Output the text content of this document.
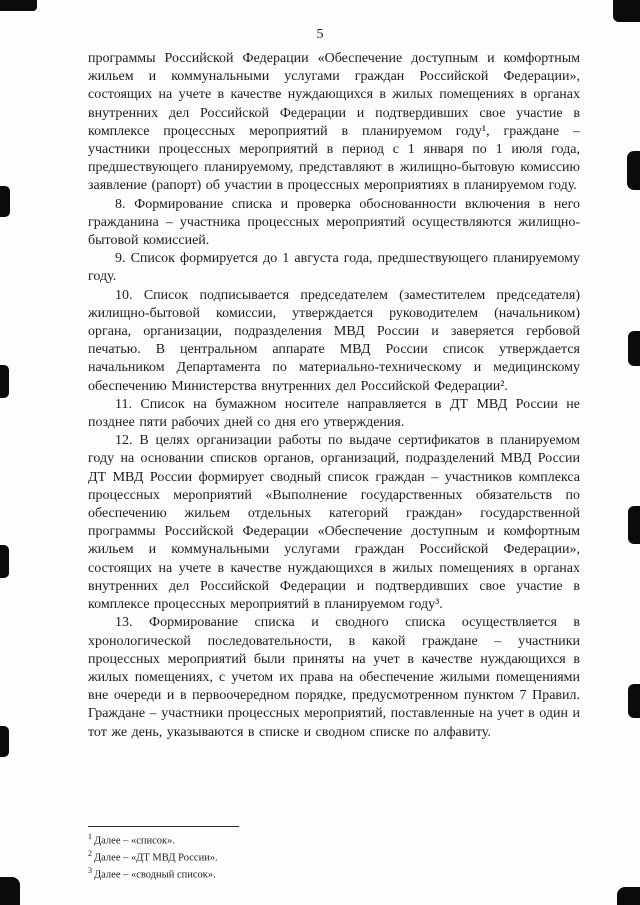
5

программы Российской Федерации «Обеспечение доступным и комфортным жильем и коммунальными услугами граждан Российской Федерации», состоящих на учете в качестве нуждающихся в жилых помещениях в органах внутренних дел Российской Федерации и подтвердивших свое участие в комплексе процессных мероприятий в планируемом году¹, граждане – участники процессных мероприятий в период с 1 января по 1 июля года, предшествующего планируемому, представляют в жилищно-бытовую комиссию заявление (рапорт) об участии в процессных мероприятиях в планируемом году.

8. Формирование списка и проверка обоснованности включения в него гражданина – участника процессных мероприятий осуществляются жилищно-бытовой комиссией.

9. Список формируется до 1 августа года, предшествующего планируемому году.

10. Список подписывается председателем (заместителем председателя) жилищно-бытовой комиссии, утверждается руководителем (начальником) органа, организации, подразделения МВД России и заверяется гербовой печатью. В центральном аппарате МВД России список утверждается начальником Департамента по материально-техническому и медицинскому обеспечению Министерства внутренних дел Российской Федерации².

11. Список на бумажном носителе направляется в ДТ МВД России не позднее пяти рабочих дней со дня его утверждения.

12. В целях организации работы по выдаче сертификатов в планируемом году на основании списков органов, организаций, подразделений МВД России ДТ МВД России формирует сводный список граждан – участников комплекса процессных мероприятий «Выполнение государственных обязательств по обеспечению жильем отдельных категорий граждан» государственной программы Российской Федерации «Обеспечение доступным и комфортным жильем и коммунальными услугами граждан Российской Федерации», состоящих на учете в качестве нуждающихся в жилых помещениях в органах внутренних дел Российской Федерации и подтвердивших свое участие в комплексе процессных мероприятий в планируемом году³.

13. Формирование списка и сводного списка осуществляется в хронологической последовательности, в какой граждане – участники процессных мероприятий были приняты на учет в качестве нуждающихся в жилых помещениях, с учетом их права на обеспечение жилыми помещениями вне очереди и в первоочередном порядке, предусмотренном пунктом 7 Правил. Граждане – участники процессных мероприятий, поставленные на учет в один и тот же день, указываются в списке и сводном списке по алфавиту.

$^1$ Далее – «список».
$^2$ Далее – «ДТ МВД России».
$^3$ Далее – «сводный список».
